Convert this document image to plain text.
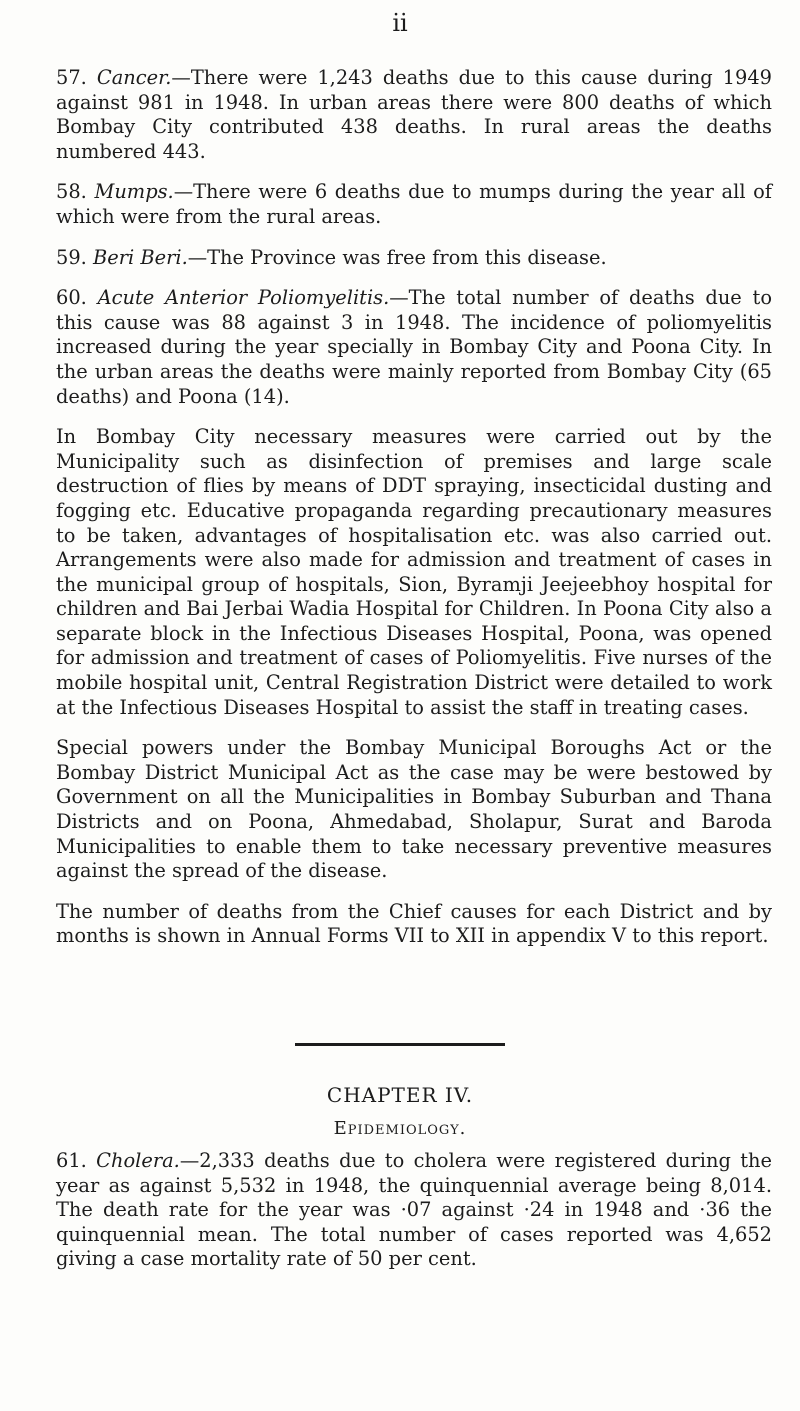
ii

57. Cancer.—There were 1,243 deaths due to this cause during 1949 against 981 in 1948. In urban areas there were 800 deaths of which Bombay City contributed 438 deaths. In rural areas the deaths numbered 443.

58. Mumps.—There were 6 deaths due to mumps during the year all of which were from the rural areas.

59. Beri Beri.—The Province was free from this disease.

60. Acute Anterior Poliomyelitis.—The total number of deaths due to this cause was 88 against 3 in 1948. The incidence of poliomyelitis increased during the year specially in Bombay City and Poona City. In the urban areas the deaths were mainly reported from Bombay City (65 deaths) and Poona (14).

In Bombay City necessary measures were carried out by the Municipality such as disinfection of premises and large scale destruction of flies by means of DDT spraying, insecticidal dusting and fogging etc. Educative propaganda regarding precautionary measures to be taken, advantages of hospitalisation etc. was also carried out. Arrangements were also made for admission and treatment of cases in the municipal group of hospitals, Sion, Byramji Jeejeebhoy hospital for children and Bai Jerbai Wadia Hospital for Children. In Poona City also a separate block in the Infectious Diseases Hospital, Poona, was opened for admission and treatment of cases of Poliomyelitis. Five nurses of the mobile hospital unit, Central Registration District were detailed to work at the Infectious Diseases Hospital to assist the staff in treating cases.

Special powers under the Bombay Municipal Boroughs Act or the Bombay District Municipal Act as the case may be were bestowed by Government on all the Municipalities in Bombay Suburban and Thana Districts and on Poona, Ahmedabad, Sholapur, Surat and Baroda Municipalities to enable them to take necessary preventive measures against the spread of the disease.

The number of deaths from the Chief causes for each District and by months is shown in Annual Forms VII to XII in appendix V to this report.

CHAPTER IV.
Epidemiology.

61. Cholera.—2,333 deaths due to cholera were registered during the year as against 5,532 in 1948, the quinquennial average being 8,014. The death rate for the year was ·07 against ·24 in 1948 and ·36 the quinquennial mean. The total number of cases reported was 4,652 giving a case mortality rate of 50 per cent.
